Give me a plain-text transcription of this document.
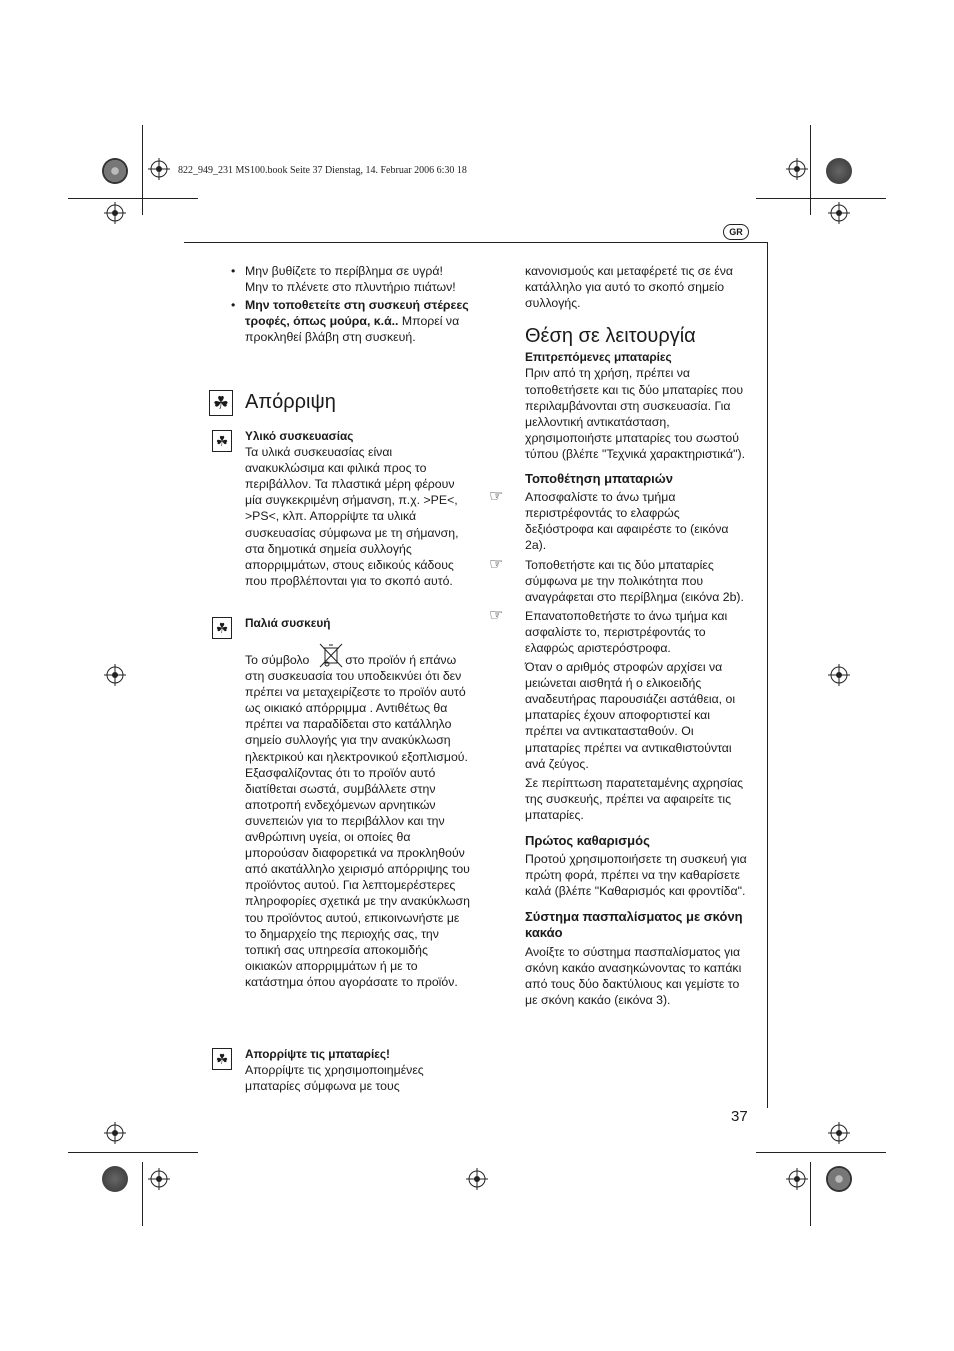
822_949_231 MS100.book Seite 37 Dienstag, 14. Februar 2006 6:30 18
GR

• Μην βυθίζετε το περίβλημα σε υγρά! Μην το πλένετε στο πλυντήριο πιάτων!

• Μην τοποθετείτε στη συσκευή στέρεες τροφές, όπως μούρα, κ.ά.. Μπορεί να προκληθεί βλάβη στη συσκευή.

☘ Απόρριψη
☘	Υλικό συσκευασίας

Τα υλικά συσκευασίας είναι ανακυκλώσιμα και φιλικά προς το περιβάλλον. Τα πλαστικά μέρη φέρουν μία συγκεκριμένη σήμανση, π.χ. >PE<, >PS<, κλπ. Απορρίψτε τα υλικά συσκευασίας σύμφωνα με τη σήμανση, στα δημοτικά σημεία συλλογής απορριμμάτων, στους ειδικούς κάδους που προβλέπονται για το σκοπό αυτό.

☘	Παλιά συσκευή

Το σύμβολο	στο προϊόν ή επάνω στη συσκευασία του υποδεικνύει ότι δεν πρέπει να μεταχειρίζεστε το προϊόν αυτό ως οικιακό απόρριμμα . Αντιθέτως θα πρέπει να παραδίδεται στο κατάλληλο σημείο συλλογής για την ανακύκλωση ηλεκτρικού και ηλεκτρονικού εξοπλισμού. Εξασφαλίζοντας ότι το προϊόν αυτό διατίθεται σωστά, συμβάλλετε στην αποτροπή ενδεχόμενων αρνητικών συνεπειών για το περιβάλλον και την ανθρώπινη υγεία, οι οποίες θα μπορούσαν διαφορετικά να προκληθούν από ακατάλληλο χειρισμό απόρριψης του προϊόντος αυτού. Για λεπτομερέστερες πληροφορίες σχετικά με την ανακύκλωση του προϊόντος αυτού, επικοινωνήστε με το δημαρχείο της περιοχής σας, την τοπική σας υπηρεσία αποκομιδής οικιακών απορριμμάτων ή με το κατάστημα όπου αγοράσατε το προϊόν.

☘	Απορρίψτε τις μπαταρίες!

Απορρίψτε τις χρησιμοποιημένες μπαταρίες σύμφωνα με τους

κανονισμούς και μεταφέρετέ τις σε ένα κατάλληλο για αυτό το σκοπό σημείο συλλογής.

Θέση σε λειτουργία

Επιτρεπόμενες μπαταρίες

Πριν από τη χρήση, πρέπει να τοποθετήσετε και τις δύο μπαταρίες που περιλαμβάνονται στη συσκευασία. Για μελλοντική αντικατάσταση, χρησιμοποιήστε μπαταρίες του σωστού τύπου (βλέπε "Τεχνικά χαρακτηριστικά").

Τοποθέτηση μπαταριών

☞ Αποσφαλίστε το άνω τμήμα περιστρέφοντάς το ελαφρώς δεξιόστροφα και αφαιρέστε το (εικόνα 2a).

☞ Τοποθετήστε και τις δύο μπαταρίες σύμφωνα με την πολικότητα που αναγράφεται στο περίβλημα (εικόνα 2b).

☞ Επανατοποθετήστε το άνω τμήμα και ασφαλίστε το, περιστρέφοντάς το ελαφρώς αριστερόστροφα.

Όταν ο αριθμός στροφών αρχίσει να μειώνεται αισθητά ή ο ελικοειδής αναδευτήρας παρουσιάζει αστάθεια, οι μπαταρίες έχουν αποφορτιστεί και πρέπει να αντικατασταθούν. Οι μπαταρίες πρέπει να αντικαθιστούνται ανά ζεύγος.

Σε περίπτωση παρατεταμένης αχρησίας της συσκευής, πρέπει να αφαιρείτε τις μπαταρίες.

Πρώτος καθαρισμός

Προτού χρησιμοποιήσετε τη συσκευή για πρώτη φορά, πρέπει να την καθαρίσετε καλά (βλέπε "Καθαρισμός και φροντίδα".

Σύστημα πασπαλίσματος με σκόνη κακάο

Ανοίξτε το σύστημα πασπαλίσματος για σκόνη κακάο ανασηκώνοντας το καπάκι από τους δύο δακτύλιους και γεμίστε το με σκόνη κακάο (εικόνα 3).

37
